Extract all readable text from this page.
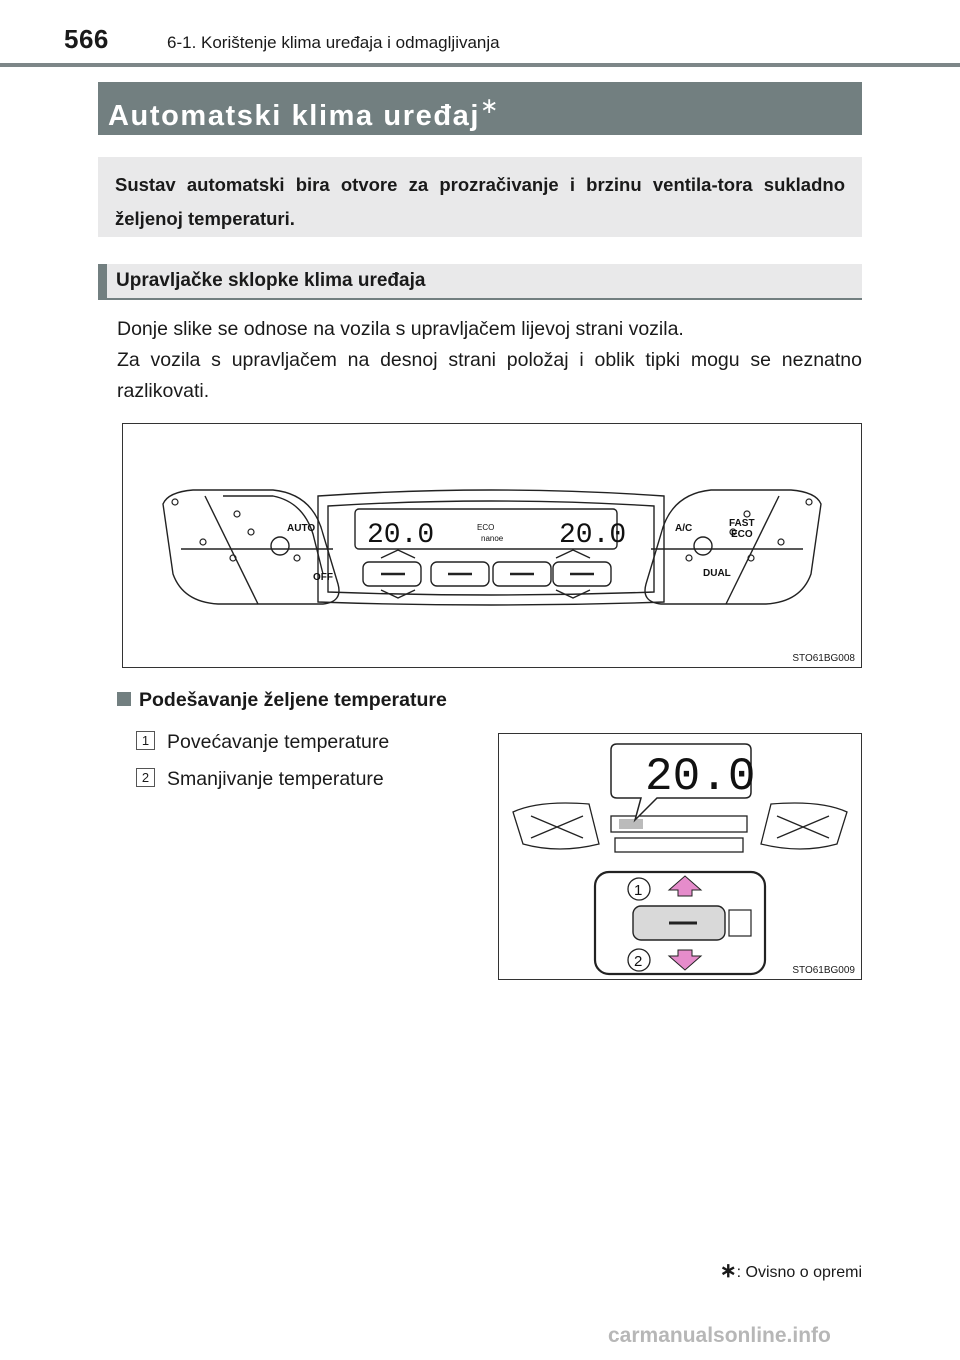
566	6-1. Korištenje klima uređaja i odmagljivanja
Automatski klima uređaj∗
Sustav automatski bira otvore za prozračivanje i brzinu ventila-tora sukladno željenoj temperaturi.
Upravljačke sklopke klima uređaja
Donje slike se odnose na vozila s upravljačem lijevoj strani vozila.
Za vozila s upravljačem na desnoj strani položaj i oblik tipki mogu se neznatno razlikovati.
20.0	20.0
ECO
nanoe
AUTO
OFF
A/C	FAST
ECO
DUAL
STO61BG008
Podešavanje željene temperature
1 Povećavanje temperature
2 Smanjivanje temperature	20.0
1
2
STO61BG009
∗: Ovisno o opremi
carmanualsonline.info
